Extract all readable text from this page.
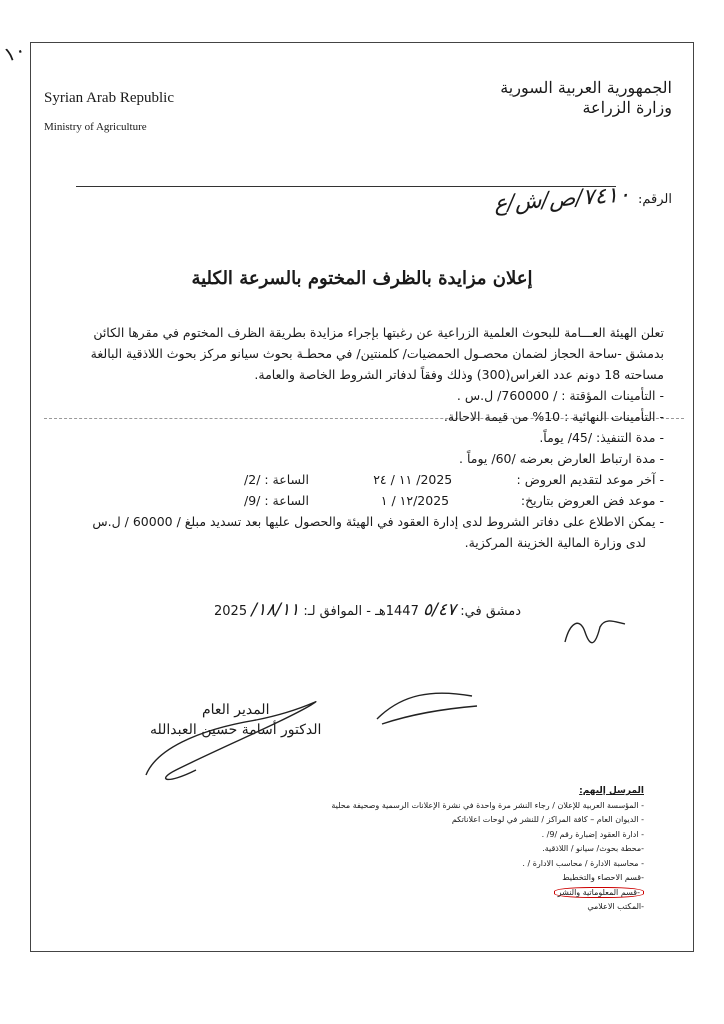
١٠
Syrian Arab Republic
Ministry of Agriculture
الجمهورية العربية السورية
وزارة الزراعة
الرقم:
٧٤١٠/ص/ش/ع
إعلان مزايدة بالظرف المختوم بالسرعة الكلية

تعلن الهيئة العـــامة للبحوث العلمية الزراعية عن رغبتها بإجراء مزايدة بطريقة الظرف المختوم في مقرها الكائن

بدمشق -ساحة الحجاز لضمان محصـول الحمضيات/ كلمنتين/ في محطـة بحوث سيانو مركز بحوث اللاذقية البالغة

مساحته 18 دونم عدد الغراس(300) وذلك وفقاً لدفاتر الشروط الخاصة والعامة.

- التأمينات المؤقتة : / 760000/ ل.س .

- التأمينات النهائية : 10% من قيمة الاحالة.

- مدة التنفيذ: /45/ يوماً.

- مدة ارتباط العارض بعرضه /60/ يوماً .

- آخر موعد لتقديم العروض :
2025/ ١١ / ٢٤
الساعة : /2/
- موعد فض العروض بتاريخ:
2025/١٢ / ١
الساعة : /9/

- يمكن الاطلاع على دفاتر الشروط لدى إدارة العقود في الهيئة والحصول عليها بعد تسديد مبلغ / 60000 / ل.س

لدى وزارة المالية الخزينة المركزية.

دمشق في: ٥/٤٧ 1447هـ - الموافق لـ: ١٨/١١/ 2025
المدير العام
الدكتور أسامة حسين العبدالله
المرسل إليهم:
- المؤسسة العربية للإعلان / رجاء النشر مرة واحدة في نشرة الإعلانات الرسمية وصحيفة محلية
- الديوان العام – كافة المراكز / للنشر في لوحات اعلاناتكم
- ادارة العقود إضبارة رقم /9/ .
-محطة بحوث/ سيانو / اللاذقية.
- محاسبة الادارة / محاسب الادارة / .
-قسم الاحصاء والتخطيط
-قسم المعلوماتية والنشر
-المكتب الاعلامي
